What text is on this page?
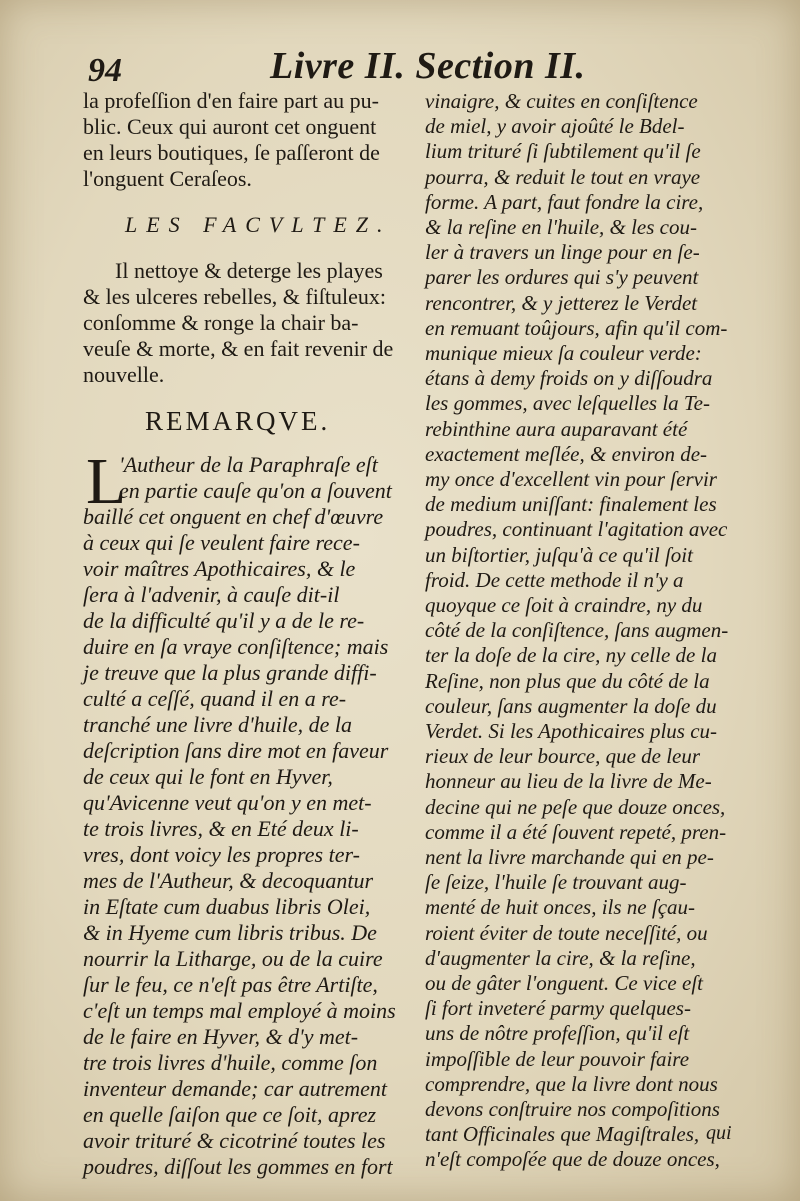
94	Livre II. Section II.
la profeſſion d'en faire part au pu-
blic. Ceux qui auront cet onguent
en leurs boutiques, ſe paſſeront de
l'onguent Ceraſeos.
LES FACVLTEZ.
Il nettoye & deterge les playes
& les ulceres rebelles, & fiſtuleux:
conſomme & ronge la chair ba-
veuſe & morte, & en fait revenir de
nouvelle.
REMARQVE.
'Autheur de la Paraphraſe eſt
en partie cauſe qu'on a ſouvent
baillé cet onguent en chef d'œuvre
à ceux qui ſe veulent faire rece-
voir maîtres Apothicaires, & le
ſera à l'advenir, à cauſe dit-il
de la difficulté qu'il y a de le re-
duire en ſa vraye conſiſtence; mais
je treuve que la plus grande diffi-
culté a ceſſé, quand il en a re-
tranché une livre d'huile, de la
deſcription ſans dire mot en faveur
de ceux qui le font en Hyver,
qu'Avicenne veut qu'on y en met-
te trois livres, & en Eté deux li-
vres, dont voicy les propres ter-
mes de l'Autheur, & decoquantur
in Eſtate cum duabus libris Olei,
& in Hyeme cum libris tribus. De
nourrir la Litharge, ou de la cuire
ſur le feu, ce n'eſt pas être Artiſte,
c'eſt un temps mal employé à moins
de le faire en Hyver, & d'y met-
tre trois livres d'huile, comme ſon
inventeur demande; car autrement
en quelle ſaiſon que ce ſoit, aprez
avoir trituré & cicotriné toutes les
poudres, diſſout les gommes en fort
L
vinaigre, & cuites en conſiſtence
de miel, y avoir ajoûté le Bdel-
lium trituré ſi ſubtilement qu'il ſe
pourra, & reduit le tout en vraye
forme. A part, faut fondre la cire,
& la reſine en l'huile, & les cou-
ler à travers un linge pour en ſe-
parer les ordures qui s'y peuvent
rencontrer, & y jetterez le Verdet
en remuant toûjours, afin qu'il com-
munique mieux ſa couleur verde:
étans à demy froids on y diſſoudra
les gommes, avec leſquelles la Te-
rebinthine aura auparavant été
exactement meſlée, & environ de-
my once d'excellent vin pour ſervir
de medium uniſſant: finalement les
poudres, continuant l'agitation avec
un biſtortier, juſqu'à ce qu'il ſoit
froid. De cette methode il n'y a
quoyque ce ſoit à craindre, ny du
côté de la conſiſtence, ſans augmen-
ter la doſe de la cire, ny celle de la
Reſine, non plus que du côté de la
couleur, ſans augmenter la doſe du
Verdet. Si les Apothicaires plus cu-
rieux de leur bource, que de leur
honneur au lieu de la livre de Me-
decine qui ne peſe que douze onces,
comme il a été ſouvent repeté, pren-
nent la livre marchande qui en pe-
ſe ſeize, l'huile ſe trouvant aug-
menté de huit onces, ils ne ſçau-
roient éviter de toute neceſſité, ou
d'augmenter la cire, & la reſine,
ou de gâter l'onguent. Ce vice eſt
ſi fort inveteré parmy quelques-
uns de nôtre profeſſion, qu'il eſt
impoſſible de leur pouvoir faire
comprendre, que la livre dont nous
devons conſtruire nos compoſitions
tant Officinales que Magiſtrales,
n'eſt compoſée que de douze onces,
qui
